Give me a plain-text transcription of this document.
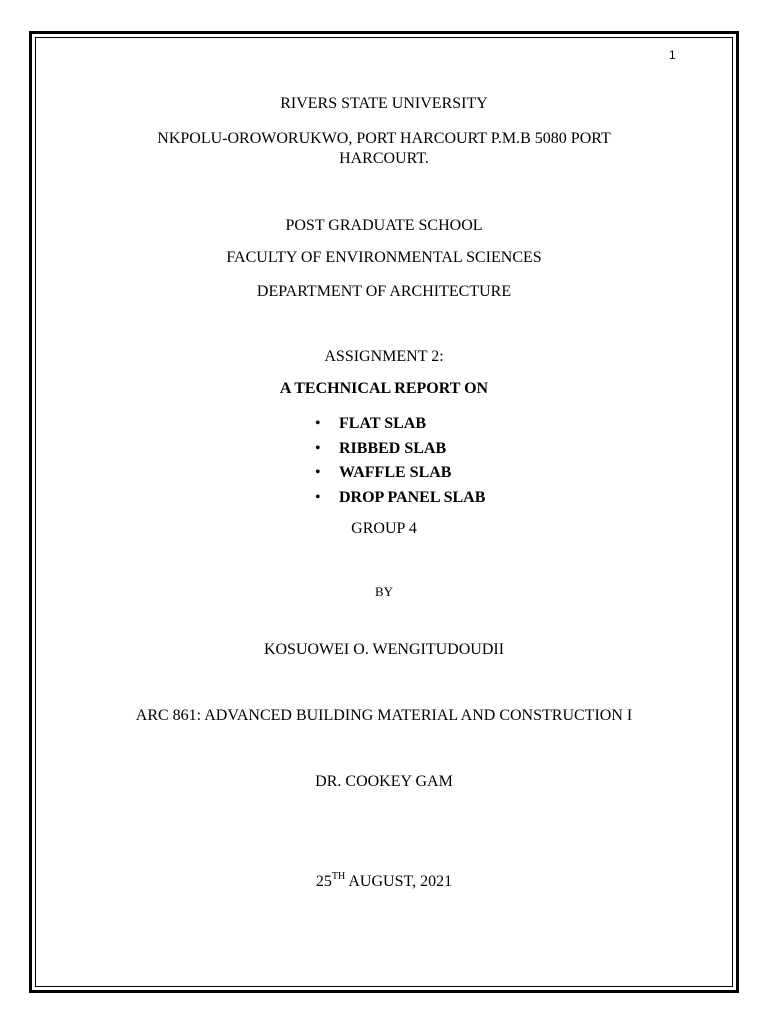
1
RIVERS STATE UNIVERSITY
NKPOLU-OROWORUKWO, PORT HARCOURT P.M.B 5080 PORT
HARCOURT.
POST GRADUATE SCHOOL
FACULTY OF ENVIRONMENTAL SCIENCES
DEPARTMENT OF ARCHITECTURE
ASSIGNMENT 2:
A TECHNICAL REPORT ON
• FLAT SLAB
• RIBBED SLAB
• WAFFLE SLAB
• DROP PANEL SLAB
GROUP 4
BY
KOSUOWEI O. WENGITUDOUDII
ARC 861: ADVANCED BUILDING MATERIAL AND CONSTRUCTION I
DR. COOKEY GAM
25TH AUGUST, 2021
